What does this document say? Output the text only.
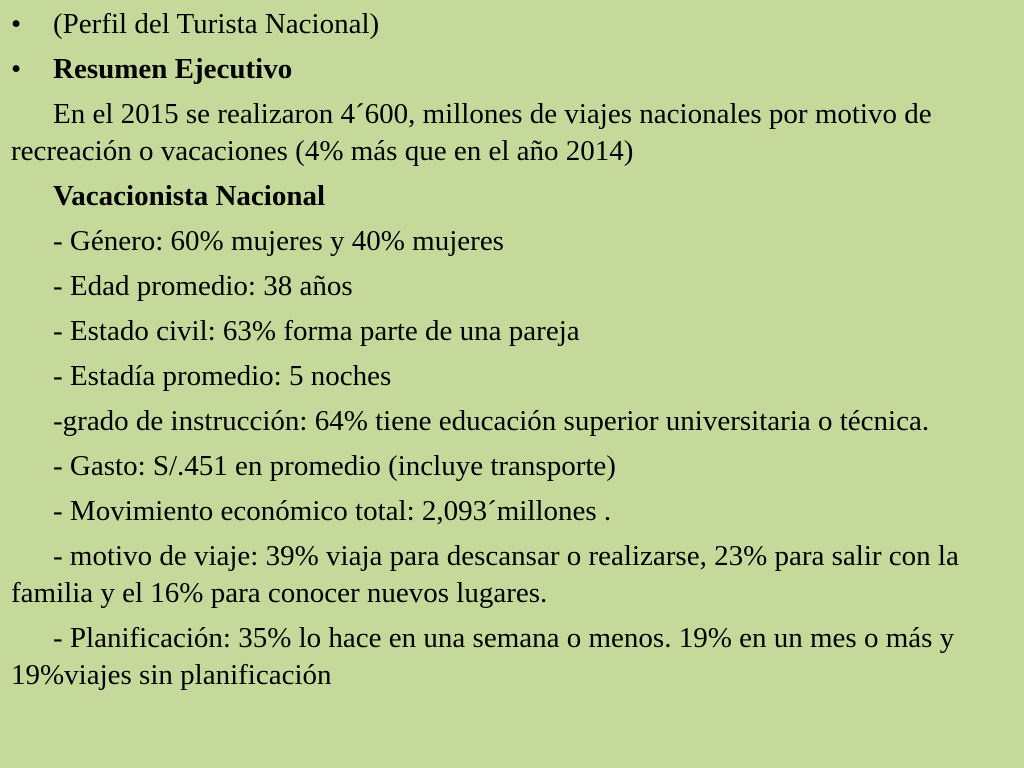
•	(Perfil del Turista Nacional)
•	Resumen Ejecutivo

En el 2015 se realizaron 4´600, millones de viajes nacionales por motivo de recreación o vacaciones (4% más que en el año 2014)

Vacacionista Nacional

- Género: 60% mujeres y 40% mujeres

- Edad promedio: 38 años

- Estado civil: 63% forma parte de una pareja

- Estadía promedio: 5 noches

-grado de instrucción: 64% tiene educación superior universitaria o técnica.

- Gasto: S/.451 en promedio (incluye transporte)

- Movimiento económico total: 2,093´millones .

- motivo de viaje: 39% viaja para descansar o realizarse, 23% para salir con la familia y el 16% para conocer nuevos lugares.

- Planificación: 35% lo hace en una semana o menos. 19% en un mes o más y 19%viajes sin planificación
